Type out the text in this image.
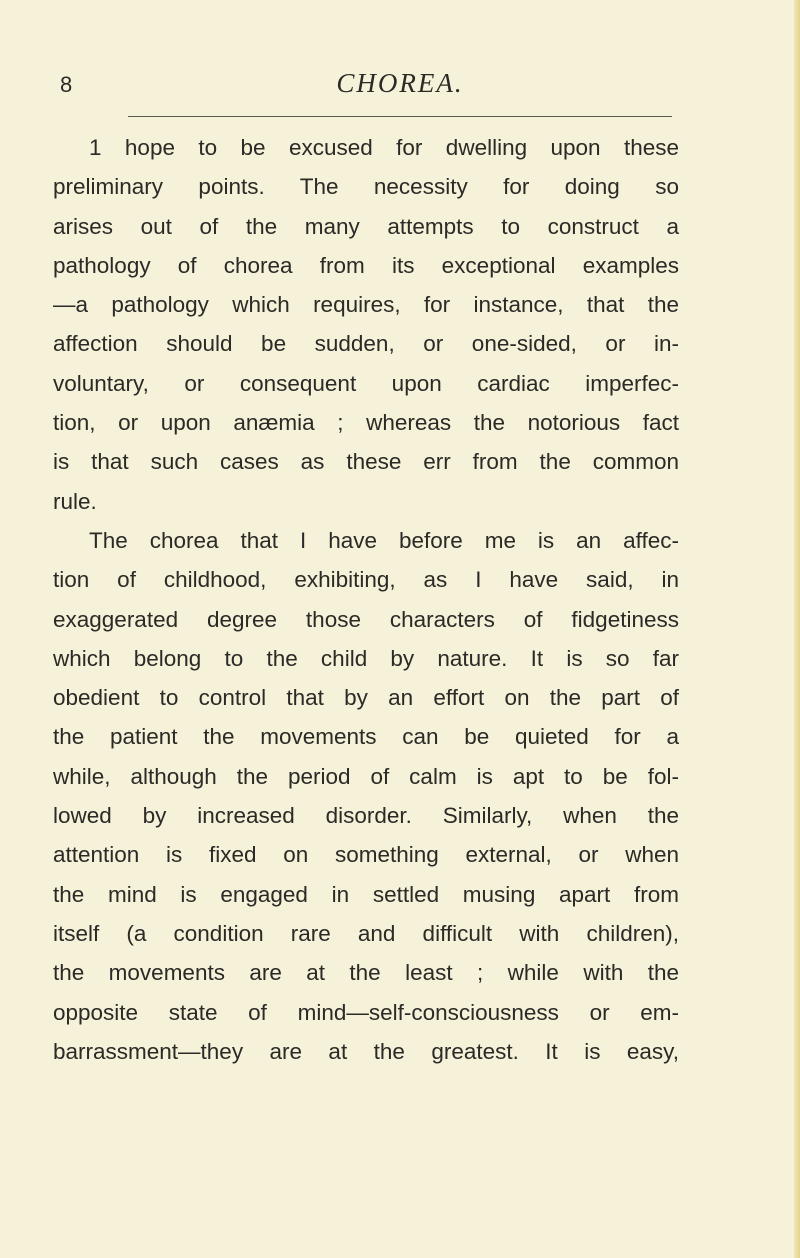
8	CHOREA.
1 hope to be excused for dwelling upon these
preliminary points. The necessity for doing so
arises out of the many attempts to construct a
pathology of chorea from its exceptional examples
—a pathology which requires, for instance, that the
affection should be sudden, or one-sided, or in-
voluntary, or consequent upon cardiac imperfec-
tion, or upon anæmia ; whereas the notorious fact
is that such cases as these err from the common
rule.
The chorea that I have before me is an affec-
tion of childhood, exhibiting, as I have said, in
exaggerated degree those characters of fidgetiness
which belong to the child by nature. It is so far
obedient to control that by an effort on the part of
the patient the movements can be quieted for a
while, although the period of calm is apt to be fol-
lowed by increased disorder. Similarly, when the
attention is fixed on something external, or when
the mind is engaged in settled musing apart from
itself (a condition rare and difficult with children),
the movements are at the least ; while with the
opposite state of mind—self-consciousness or em-
barrassment—they are at the greatest. It is easy,
